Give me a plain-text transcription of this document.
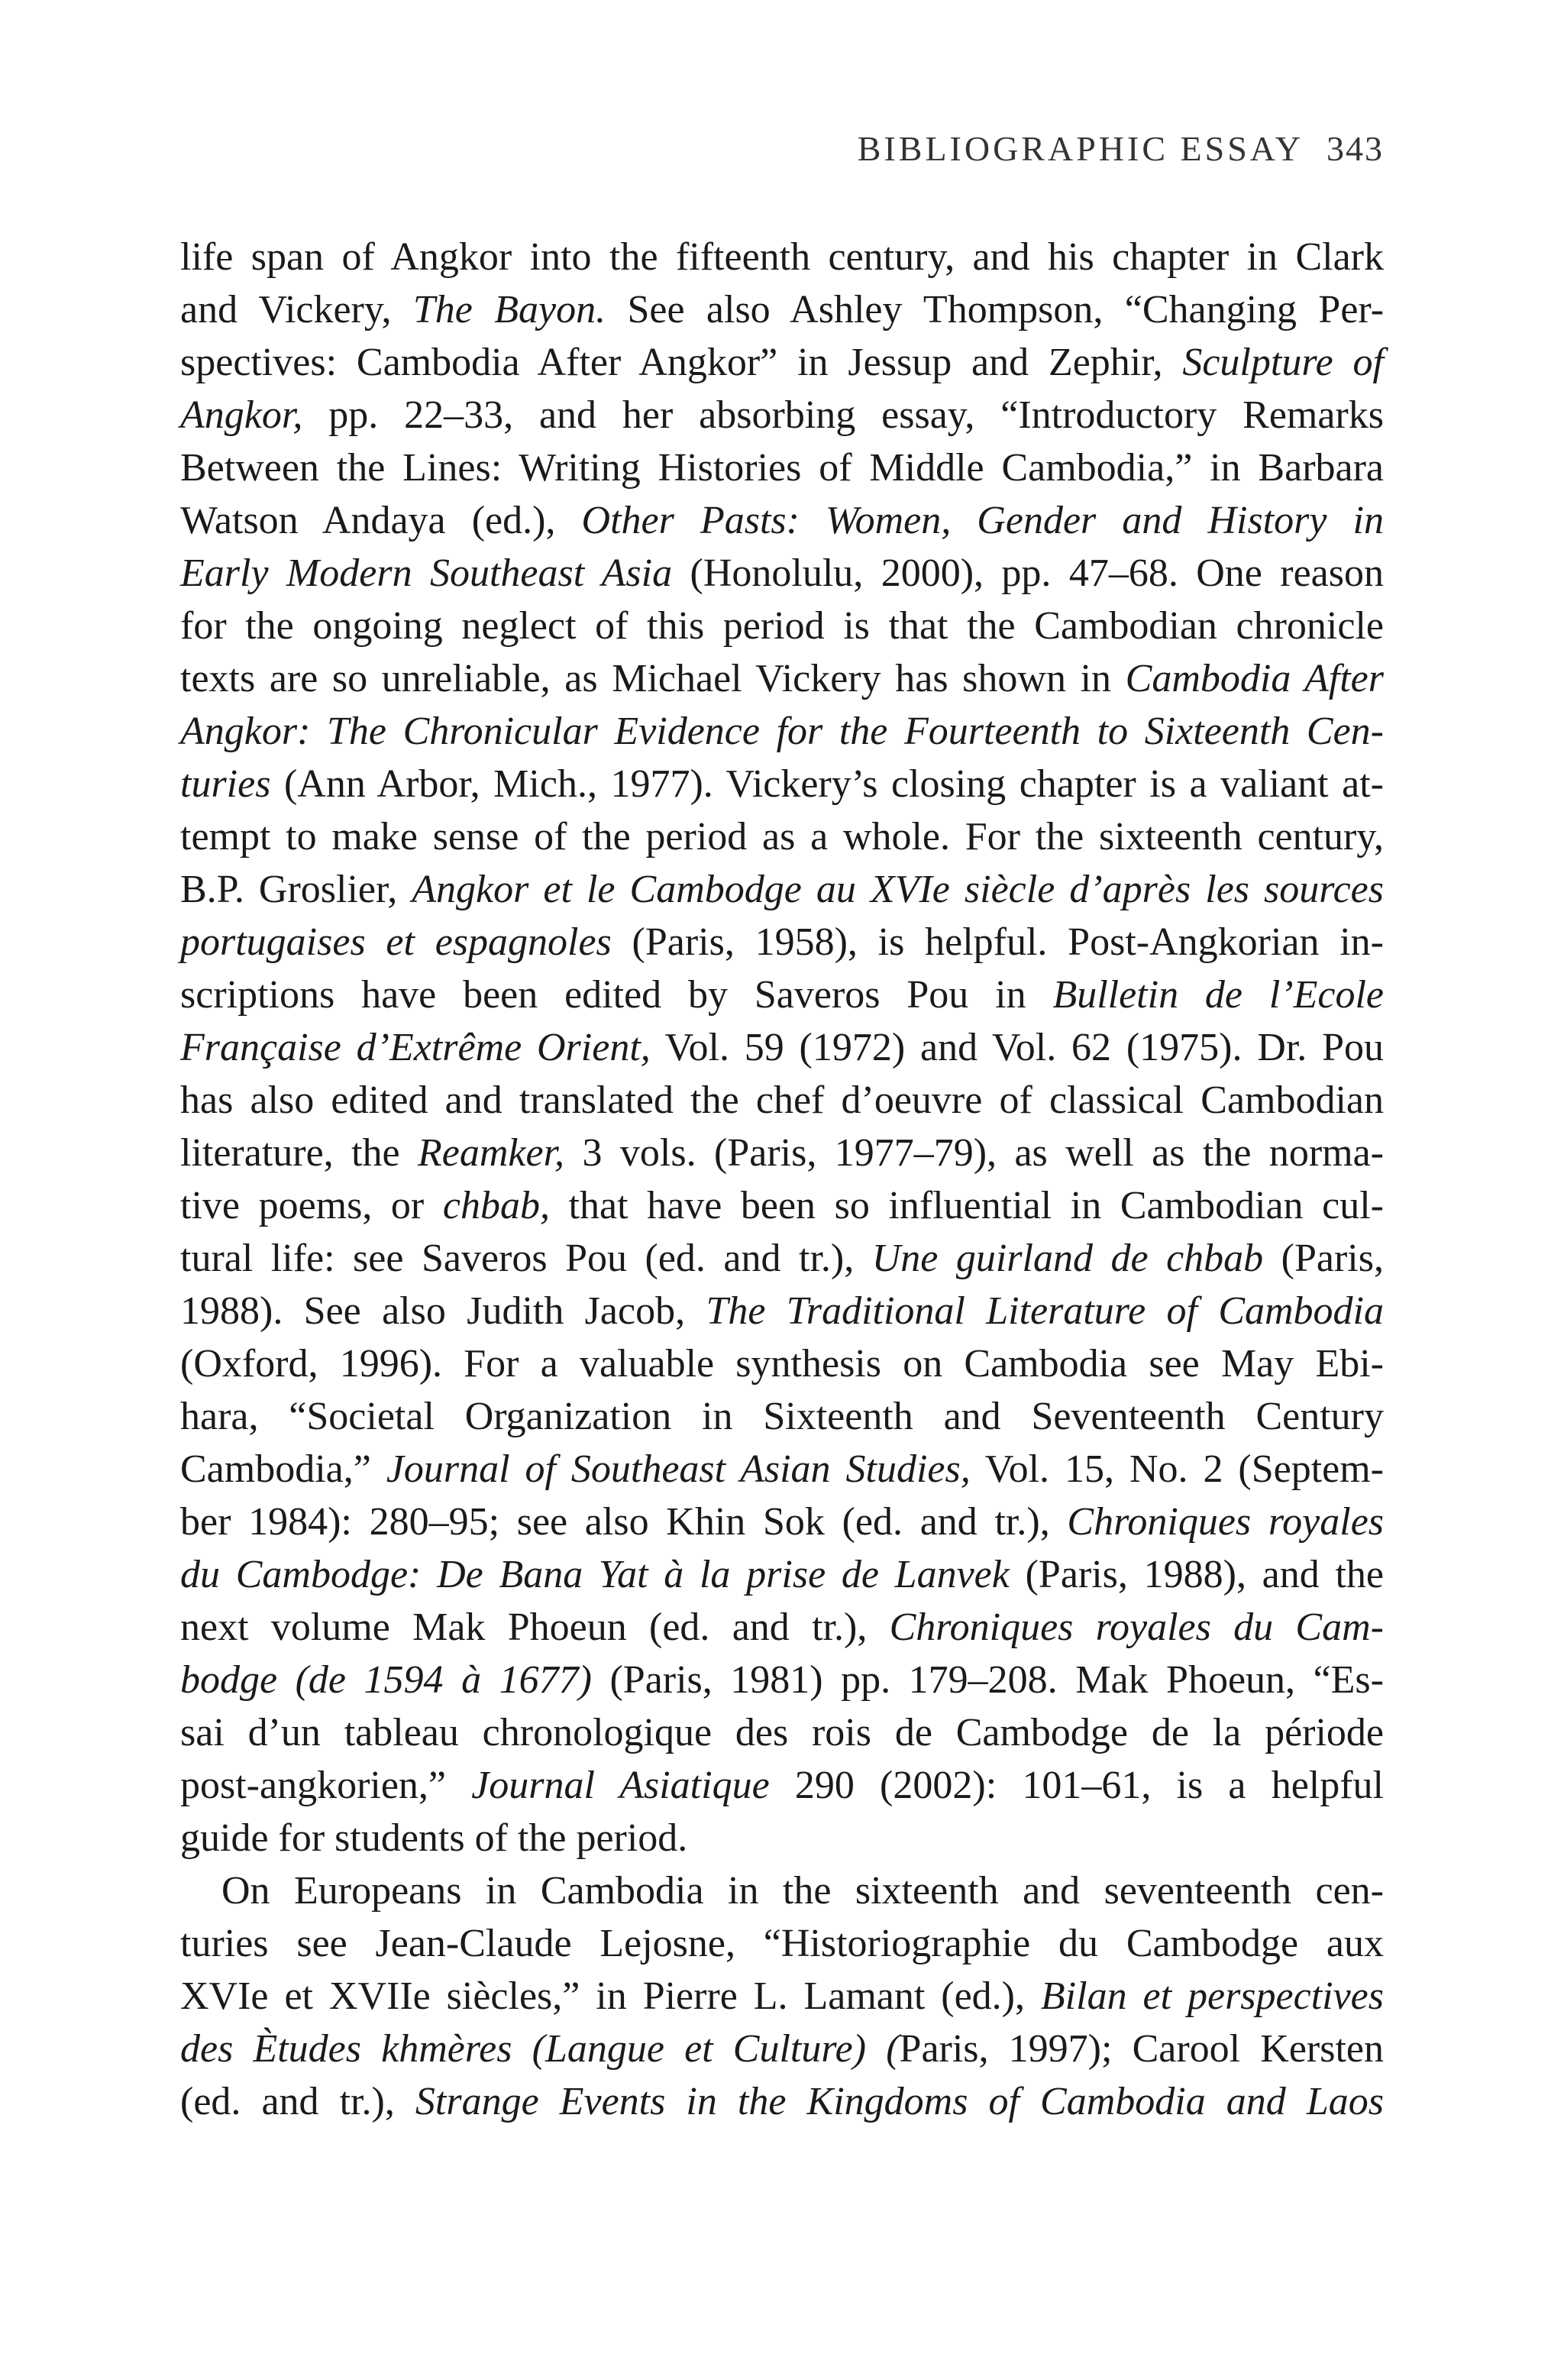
BIBLIOGRAPHIC ESSAY 343
life span of Angkor into the fifteenth century, and his chapter in Clark
and Vickery, The Bayon. See also Ashley Thompson, “Changing Per-
spectives: Cambodia After Angkor” in Jessup and Zephir, Sculpture of
Angkor, pp. 22–33, and her absorbing essay, “Introductory Remarks
Between the Lines: Writing Histories of Middle Cambodia,” in Barbara
Watson Andaya (ed.), Other Pasts: Women, Gender and History in
Early Modern Southeast Asia (Honolulu, 2000), pp. 47–68. One reason
for the ongoing neglect of this period is that the Cambodian chronicle
texts are so unreliable, as Michael Vickery has shown in Cambodia After
Angkor: The Chronicular Evidence for the Fourteenth to Sixteenth Cen-
turies (Ann Arbor, Mich., 1977). Vickery’s closing chapter is a valiant at-
tempt to make sense of the period as a whole. For the sixteenth century,
B.P. Groslier, Angkor et le Cambodge au XVIe siècle d’après les sources
portugaises et espagnoles (Paris, 1958), is helpful. Post-Angkorian in-
scriptions have been edited by Saveros Pou in Bulletin de l’Ecole
Française d’Extrême Orient, Vol. 59 (1972) and Vol. 62 (1975). Dr. Pou
has also edited and translated the chef d’oeuvre of classical Cambodian
literature, the Reamker, 3 vols. (Paris, 1977–79), as well as the norma-
tive poems, or chbab, that have been so influential in Cambodian cul-
tural life: see Saveros Pou (ed. and tr.), Une guirland de chbab (Paris,
1988). See also Judith Jacob, The Traditional Literature of Cambodia
(Oxford, 1996). For a valuable synthesis on Cambodia see May Ebi-
hara, “Societal Organization in Sixteenth and Seventeenth Century
Cambodia,” Journal of Southeast Asian Studies, Vol. 15, No. 2 (Septem-
ber 1984): 280–95; see also Khin Sok (ed. and tr.), Chroniques royales
du Cambodge: De Bana Yat à la prise de Lanvek (Paris, 1988), and the
next volume Mak Phoeun (ed. and tr.), Chroniques royales du Cam-
bodge (de 1594 à 1677) (Paris, 1981) pp. 179–208. Mak Phoeun, “Es-
sai d’un tableau chronologique des rois de Cambodge de la période
post-angkorien,” Journal Asiatique 290 (2002): 101–61, is a helpful
guide for students of the period.
On Europeans in Cambodia in the sixteenth and seventeenth cen-
turies see Jean-Claude Lejosne, “Historiographie du Cambodge aux
XVIe et XVIIe siècles,” in Pierre L. Lamant (ed.), Bilan et perspectives
des Ètudes khmères (Langue et Culture) (Paris, 1997); Carool Kersten
(ed. and tr.), Strange Events in the Kingdoms of Cambodia and Laos
